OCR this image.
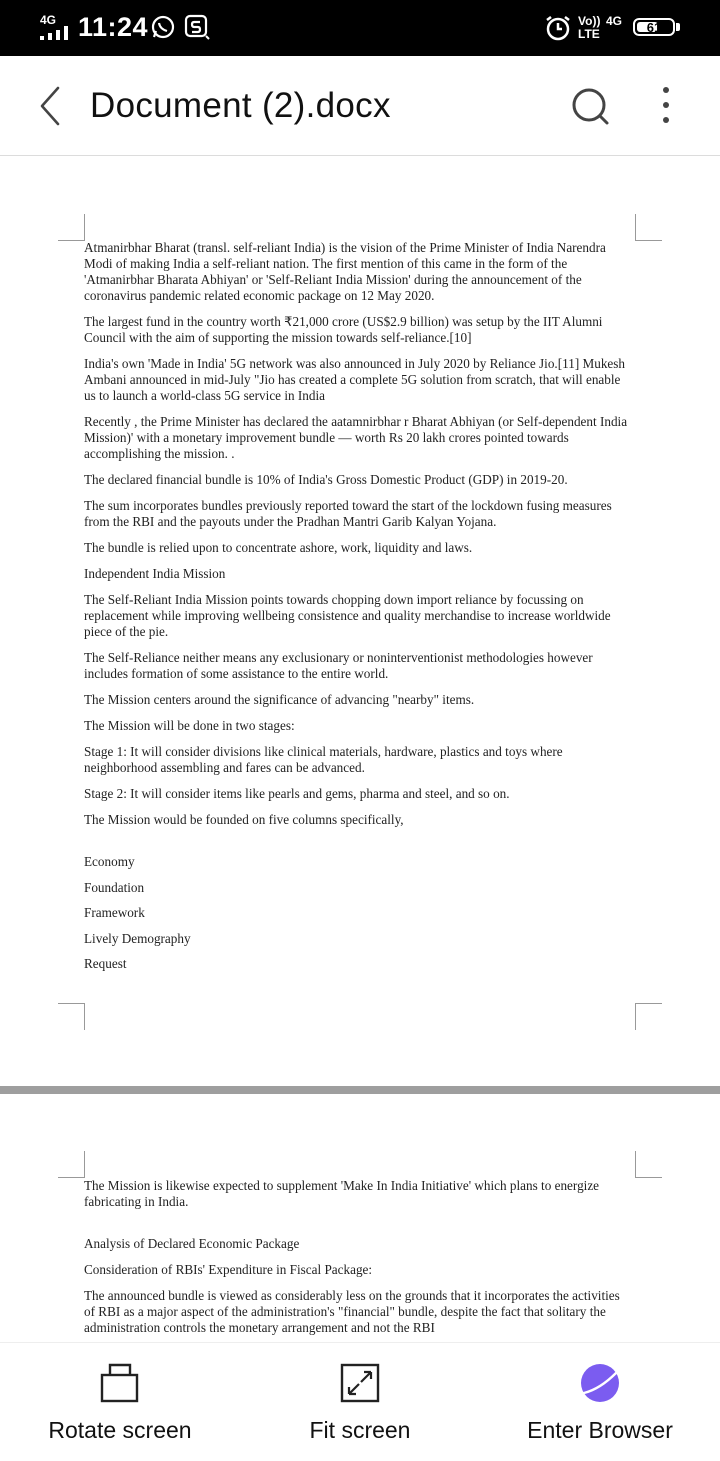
4G 11:24	Vo)) LTE
4G	61
Document (2).docx

Atmanirbhar Bharat (transl. self-reliant India) is the vision of the Prime Minister of India Narendra Modi of making India a self-reliant nation. The first mention of this came in the form of the 'Atmanirbhar Bharata Abhiyan' or 'Self-Reliant India Mission' during the announcement of the coronavirus pandemic related economic package on 12 May 2020.

The largest fund in the country worth ₹21,000 crore (US$2.9 billion) was setup by the IIT Alumni Council with the aim of supporting the mission towards self-reliance.[10]

India's own 'Made in India' 5G network was also announced in July 2020 by Reliance Jio.[11] Mukesh Ambani announced in mid-July "Jio has created a complete 5G solution from scratch, that will enable us to launch a world-class 5G service in India

Recently , the Prime Minister has declared the aatamnirbhar r Bharat Abhiyan (or Self-dependent India Mission)' with a monetary improvement bundle — worth Rs 20 lakh crores pointed towards accomplishing the mission. .

The declared financial bundle is 10% of India's Gross Domestic Product (GDP) in 2019-20.

The sum incorporates bundles previously reported toward the start of the lockdown fusing measures from the RBI and the payouts under the Pradhan Mantri Garib Kalyan Yojana.

The bundle is relied upon to concentrate ashore, work, liquidity and laws.

Independent India Mission

The Self-Reliant India Mission points towards chopping down import reliance by focussing on replacement while improving wellbeing consistence and quality merchandise to increase worldwide piece of the pie.

The Self-Reliance neither means any exclusionary or noninterventionist methodologies however includes formation of some assistance to the entire world.

The Mission centers around the significance of advancing "nearby" items.

The Mission will be done in two stages:

Stage 1: It will consider divisions like clinical materials, hardware, plastics and toys where neighborhood assembling and fares can be advanced.

Stage 2: It will consider items like pearls and gems, pharma and steel, and so on.

The Mission would be founded on five columns specifically,

Economy

Foundation

Framework

Lively Demography

Request

The Mission is likewise expected to supplement 'Make In India Initiative' which plans to energize fabricating in India.

Analysis of Declared Economic Package

Consideration of RBIs' Expenditure in Fiscal Package:

The announced bundle is viewed as considerably less on the grounds that it incorporates the activities of RBI as a major aspect of the administration's "financial" bundle, despite the fact that solitary the administration controls the monetary arrangement and not the RBI

Rotate screen	Fit screen	Enter Browser
